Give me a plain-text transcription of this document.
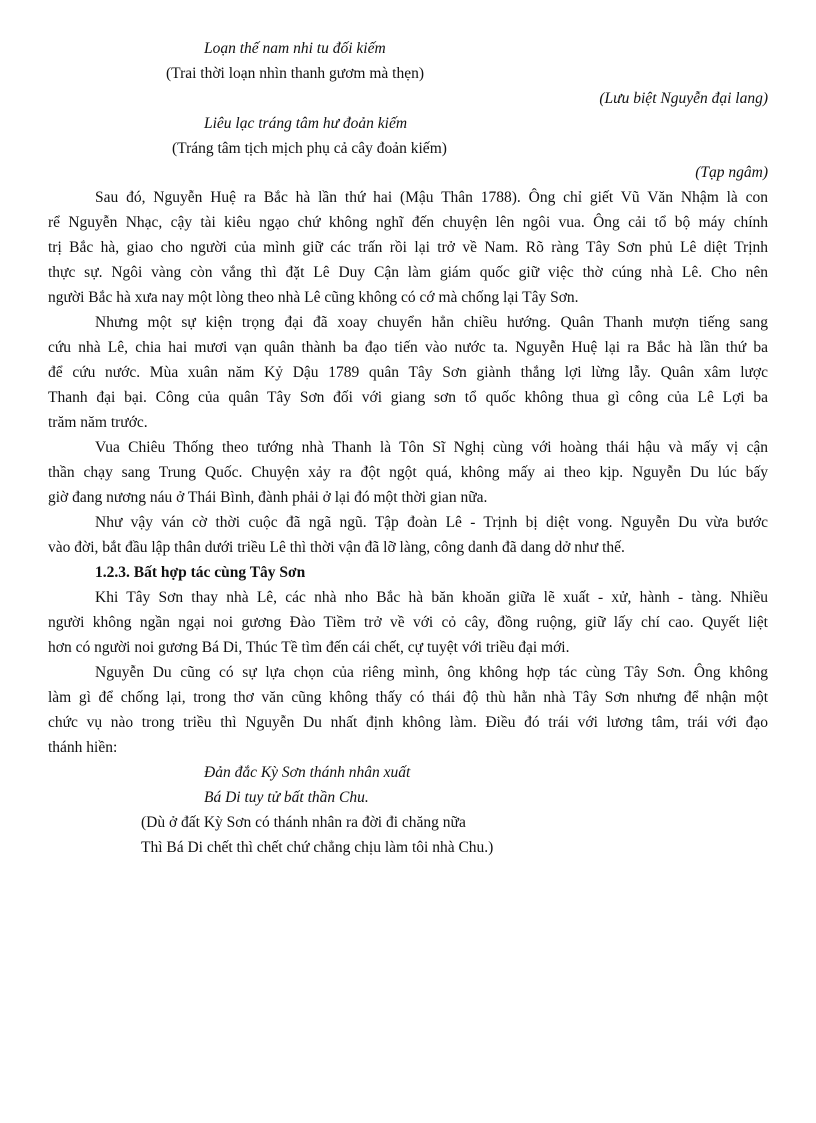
Loạn thế nam nhi tu đối kiếm
(Trai thời loạn nhìn thanh gươm mà thẹn)
(Lưu biệt Nguyễn đại lang)
Liêu lạc tráng tâm hư đoản kiếm
(Tráng tâm tịch mịch phụ cả cây đoản kiếm)
(Tạp ngâm)
Sau đó, Nguyễn Huệ ra Bắc hà lần thứ hai (Mậu Thân 1788). Ông chỉ giết Vũ Văn Nhậm là con
rể Nguyễn Nhạc, cậy tài kiêu ngạo chứ không nghĩ đến chuyện lên ngôi vua. Ông cải tổ bộ máy chính
trị Bắc hà, giao cho người của mình giữ các trấn rồi lại trở về Nam. Rõ ràng Tây Sơn phủ Lê diệt Trịnh
thực sự. Ngôi vàng còn vắng thì đặt Lê Duy Cận làm giám quốc giữ việc thờ cúng nhà Lê. Cho nên
người Bắc hà xưa nay một lòng theo nhà Lê cũng không có cớ mà chống lại Tây Sơn.
Nhưng một sự kiện trọng đại đã xoay chuyển hẳn chiều hướng. Quân Thanh mượn tiếng sang
cứu nhà Lê, chia hai mươi vạn quân thành ba đạo tiến vào nước ta. Nguyễn Huệ lại ra Bắc hà lần thứ ba
để cứu nước. Mùa xuân năm Kỷ Dậu 1789 quân Tây Sơn giành thắng lợi lừng lẫy. Quân xâm lược
Thanh đại bại. Công của quân Tây Sơn đối với giang sơn tổ quốc không thua gì công của Lê Lợi ba
trăm năm trước.
Vua Chiêu Thống theo tướng nhà Thanh là Tôn Sĩ Nghị cùng với hoàng thái hậu và mấy vị cận
thần chạy sang Trung Quốc. Chuyện xảy ra đột ngột quá, không mấy ai theo kịp. Nguyễn Du lúc bấy
giờ đang nương náu ở Thái Bình, đành phải ở lại đó một thời gian nữa.
Như vậy ván cờ thời cuộc đã ngã ngũ. Tập đoàn Lê - Trịnh bị diệt vong. Nguyễn Du vừa bước
vào đời, bắt đầu lập thân dưới triều Lê thì thời vận đã lỡ làng, công danh đã dang dở như thế.
1.2.3. Bất hợp tác cùng Tây Sơn
Khi Tây Sơn thay nhà Lê, các nhà nho Bắc hà băn khoăn giữa lẽ xuất - xử, hành - tàng. Nhiều
người không ngần ngại noi gương Đào Tiềm trở về với cỏ cây, đồng ruộng, giữ lấy chí cao. Quyết liệt
hơn có người noi gương Bá Di, Thúc Tề tìm đến cái chết, cự tuyệt với triều đại mới.
Nguyễn Du cũng có sự lựa chọn của riêng mình, ông không hợp tác cùng Tây Sơn. Ông không
làm gì để chống lại, trong thơ văn cũng không thấy có thái độ thù hằn nhà Tây Sơn nhưng để nhận một
chức vụ nào trong triều thì Nguyễn Du nhất định không làm. Điều đó trái với lương tâm, trái với đạo
thánh hiền:
Đản đắc Kỳ Sơn thánh nhân xuất
Bá Di tuy tử bất thần Chu.
(Dù ở đất Kỳ Sơn có thánh nhân ra đời đi chăng nữa
Thì Bá Di chết thì chết chứ chẳng chịu làm tôi nhà Chu.)
